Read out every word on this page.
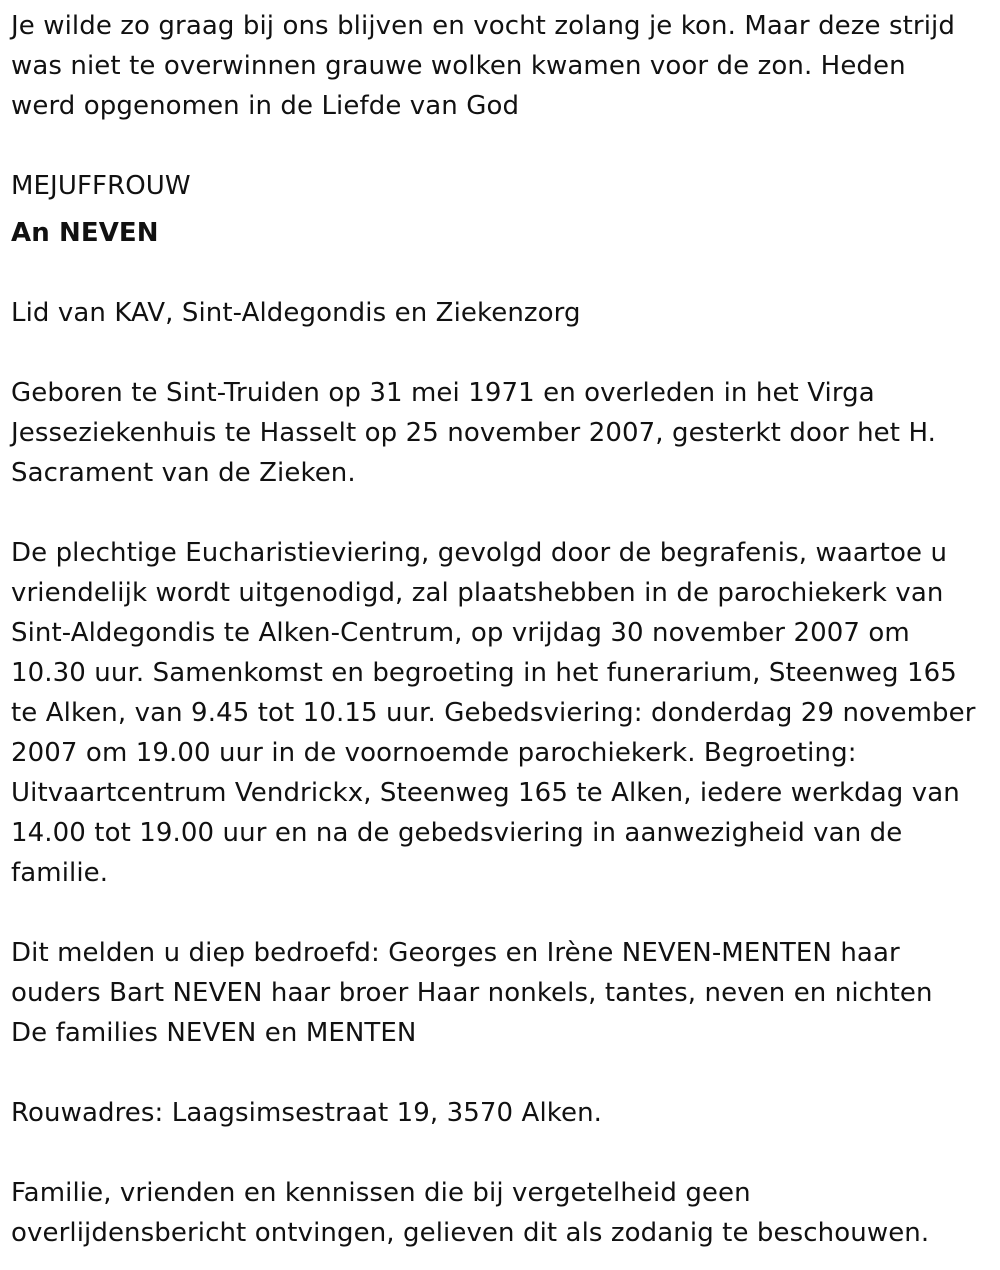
Je wilde zo graag bij ons blijven en vocht zolang je kon. Maar deze strijd
was niet te overwinnen grauwe wolken kwamen voor de zon. Heden
werd opgenomen in de Liefde van God

MEJUFFROUW

An NEVEN

Lid van KAV, Sint-Aldegondis en Ziekenzorg

Geboren te Sint-Truiden op 31 mei 1971 en overleden in het Virga
Jesseziekenhuis te Hasselt op 25 november 2007, gesterkt door het H.
Sacrament van de Zieken.

De plechtige Eucharistieviering, gevolgd door de begrafenis, waartoe u
vriendelijk wordt uitgenodigd, zal plaatshebben in de parochiekerk van
Sint-Aldegondis te Alken-Centrum, op vrijdag 30 november 2007 om
10.30 uur. Samenkomst en begroeting in het funerarium, Steenweg 165
te Alken, van 9.45 tot 10.15 uur. Gebedsviering: donderdag 29 november
2007 om 19.00 uur in de voornoemde parochiekerk. Begroeting:
Uitvaartcentrum Vendrickx, Steenweg 165 te Alken, iedere werkdag van
14.00 tot 19.00 uur en na de gebedsviering in aanwezigheid van de
familie.

Dit melden u diep bedroefd: Georges en Irène NEVEN-MENTEN haar
ouders Bart NEVEN haar broer Haar nonkels, tantes, neven en nichten
De families NEVEN en MENTEN

Rouwadres: Laagsimsestraat 19, 3570 Alken.

Familie, vrienden en kennissen die bij vergetelheid geen
overlijdensbericht ontvingen, gelieven dit als zodanig te beschouwen.
